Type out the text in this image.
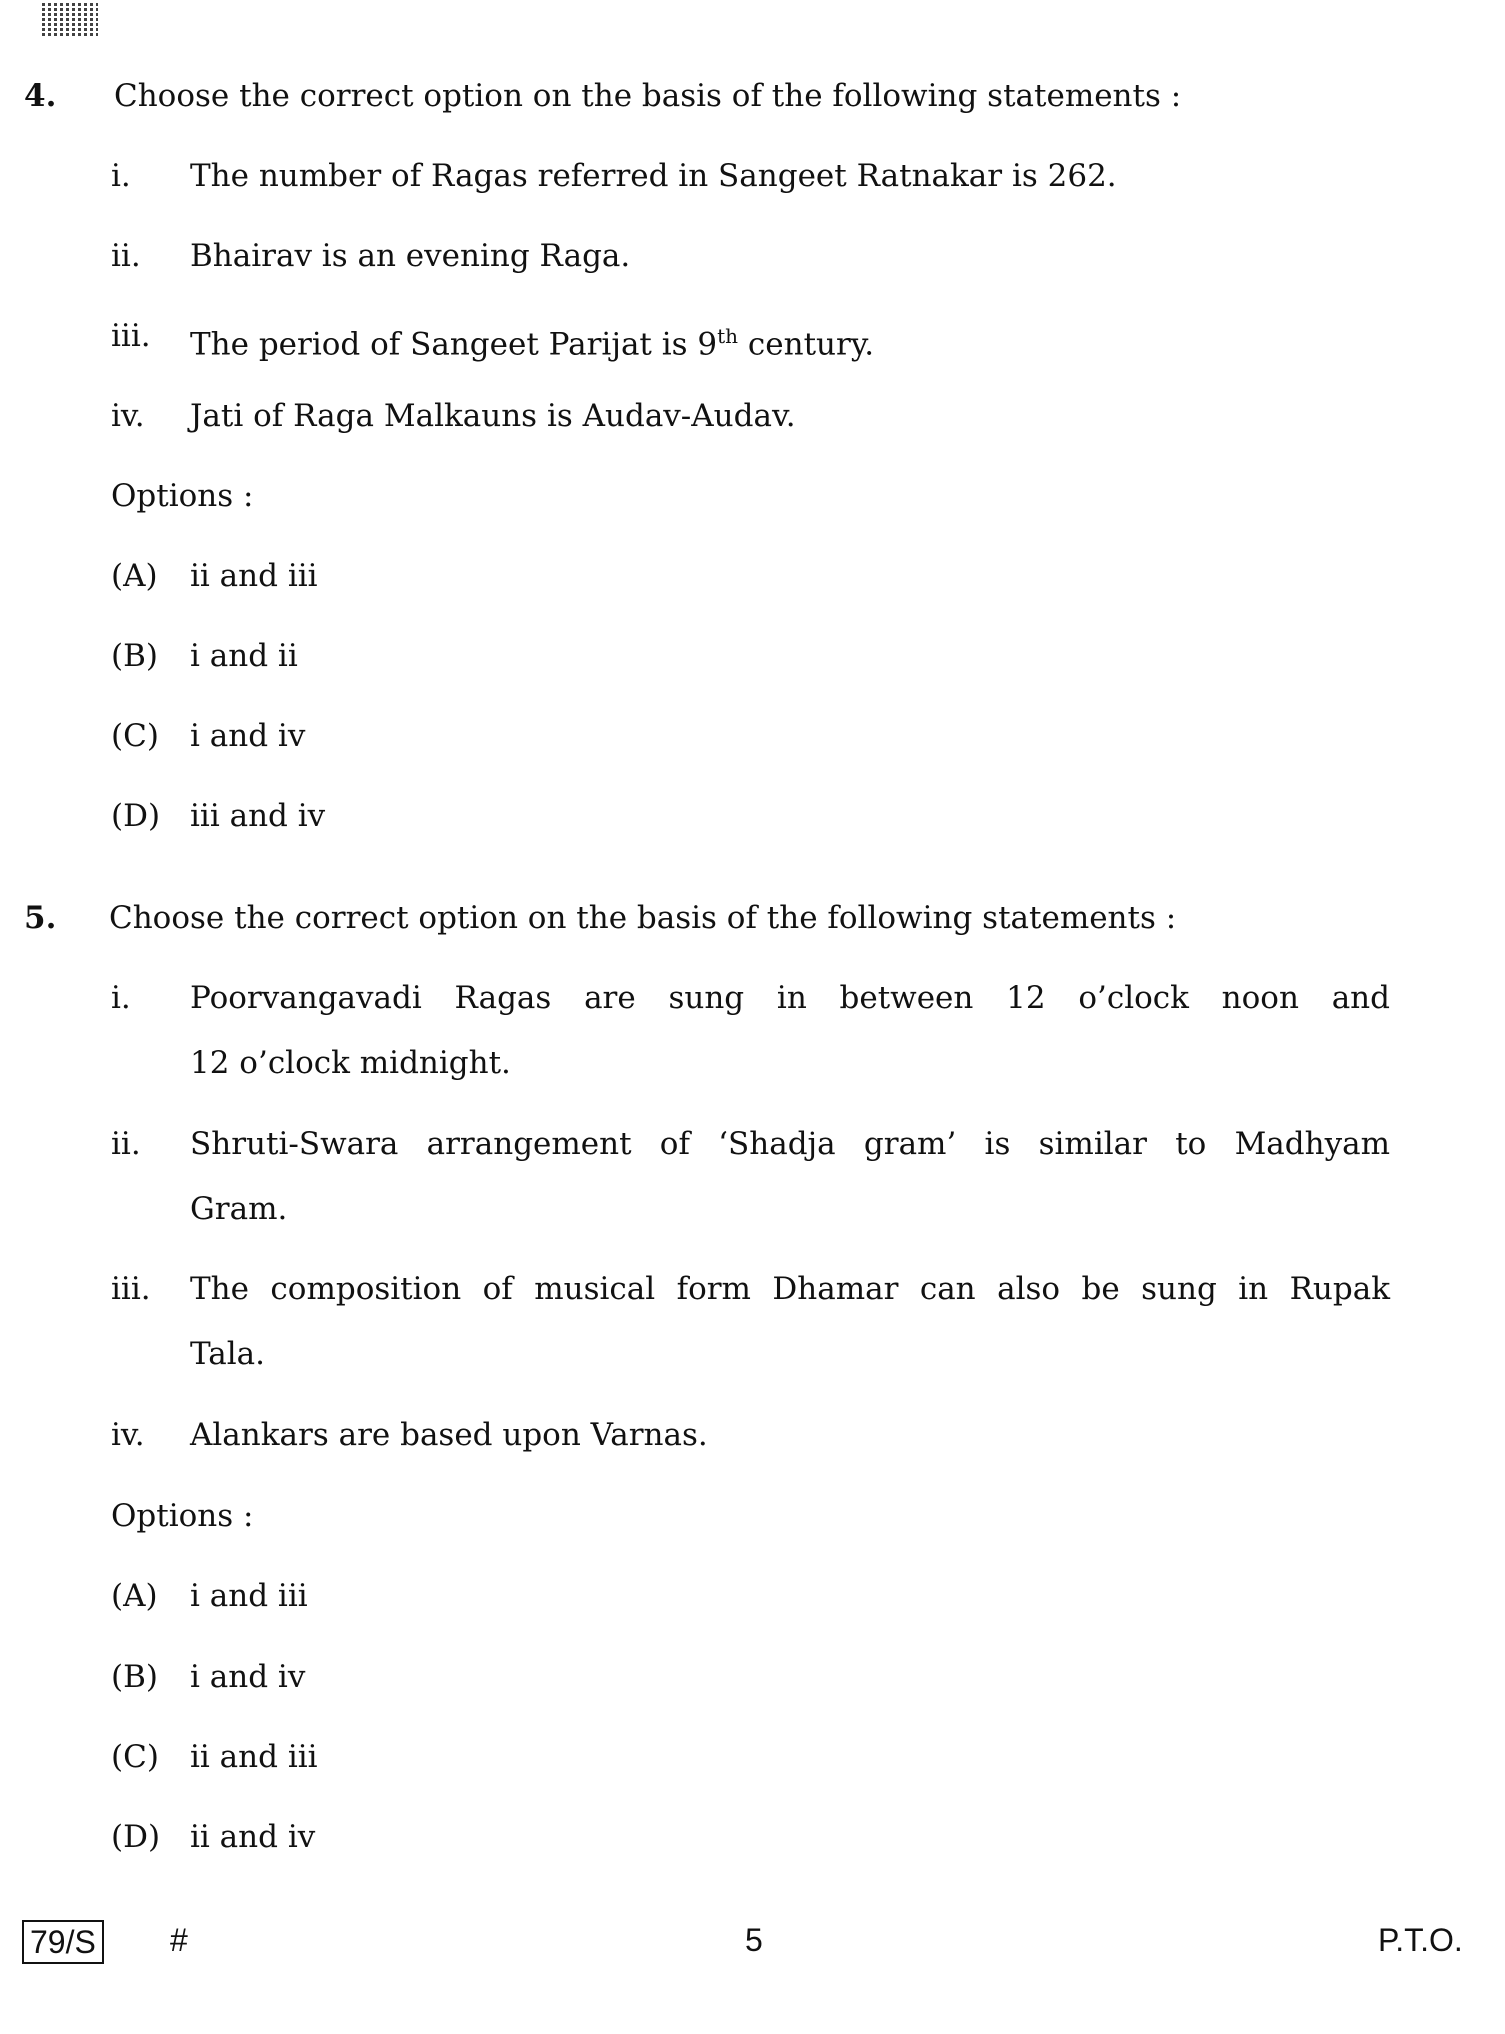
4. Choose the correct option on the basis of the following statements :
i. The number of Ragas referred in Sangeet Ratnakar is 262.
ii. Bhairav is an evening Raga.
iii. The period of Sangeet Parijat is 9th century.
iv. Jati of Raga Malkauns is Audav-Audav.
Options :
(A) ii and iii
(B) i and ii
(C) i and iv
(D) iii and iv
5. Choose the correct option on the basis of the following statements :
i. Poorvangavadi Ragas are sung in between 12 o’clock noon and
12 o’clock midnight.
ii. Shruti-Swara arrangement of ‘Shadja gram’ is similar to Madhyam
Gram.
iii. The composition of musical form Dhamar can also be sung in Rupak
Tala.
iv. Alankars are based upon Varnas.
Options :
(A) i and iii
(B) i and iv
(C) ii and iii
(D) ii and iv
79/S #	5	P.T.O.
